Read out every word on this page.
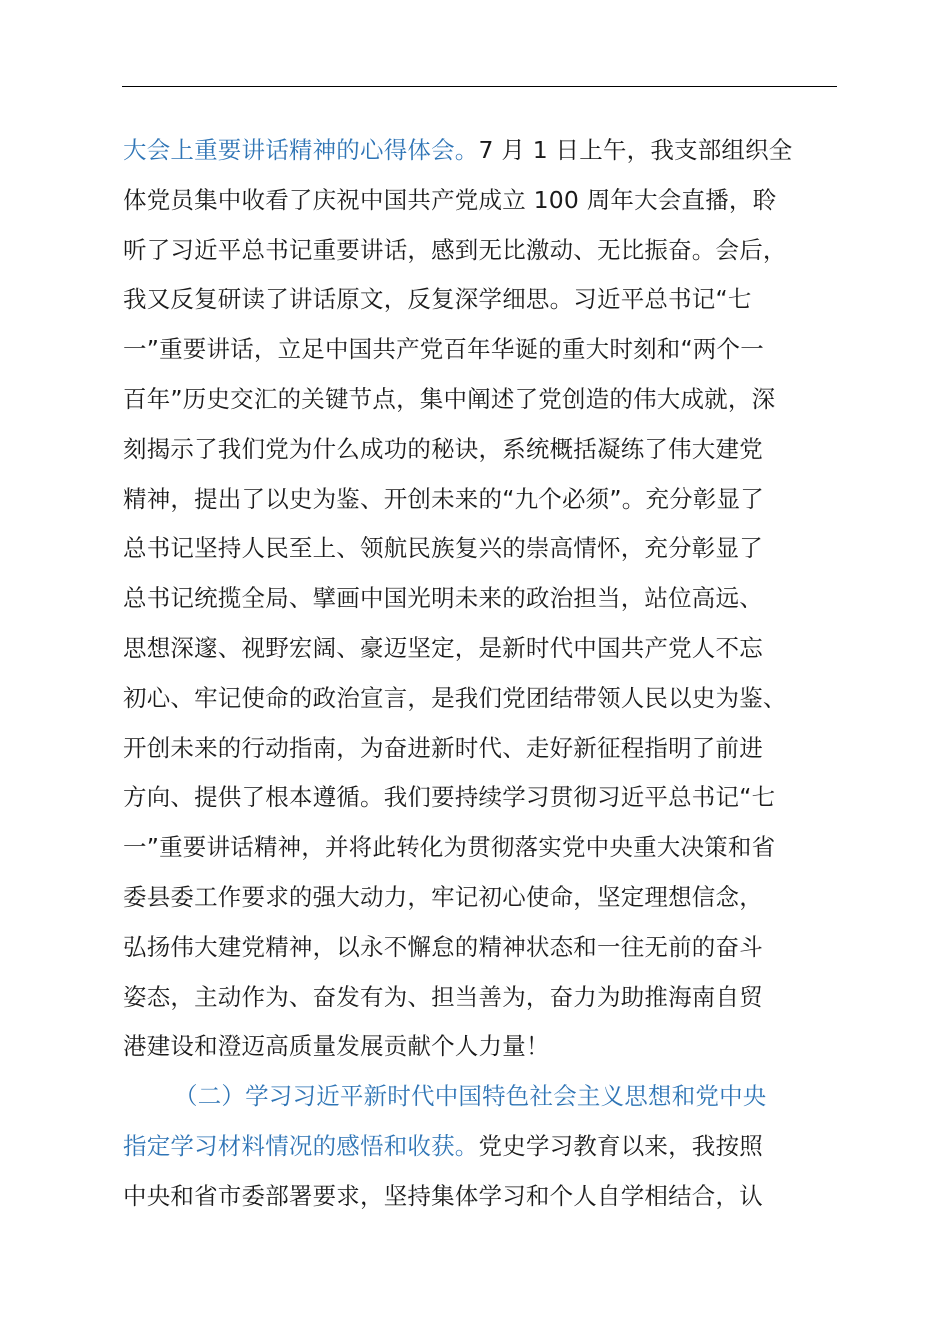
大会上重要讲话精神的心得体会。7 月 1 日上午，我支部组织全
体党员集中收看了庆祝中国共产党成立 100 周年大会直播，聆
听了习近平总书记重要讲话，感到无比激动、无比振奋。会后，
我又反复研读了讲话原文，反复深学细思。习近平总书记“七
一”重要讲话，立足中国共产党百年华诞的重大时刻和“两个一
百年”历史交汇的关键节点，集中阐述了党创造的伟大成就，深
刻揭示了我们党为什么成功的秘诀，系统概括凝练了伟大建党
精神，提出了以史为鉴、开创未来的“九个必须”。充分彰显了
总书记坚持人民至上、领航民族复兴的崇高情怀，充分彰显了
总书记统揽全局、擘画中国光明未来的政治担当，站位高远、
思想深邃、视野宏阔、豪迈坚定，是新时代中国共产党人不忘
初心、牢记使命的政治宣言，是我们党团结带领人民以史为鉴、
开创未来的行动指南，为奋进新时代、走好新征程指明了前进
方向、提供了根本遵循。我们要持续学习贯彻习近平总书记“七
一”重要讲话精神，并将此转化为贯彻落实党中央重大决策和省
委县委工作要求的强大动力，牢记初心使命，坚定理想信念，
弘扬伟大建党精神，以永不懈怠的精神状态和一往无前的奋斗
姿态，主动作为、奋发有为、担当善为，奋力为助推海南自贸
港建设和澄迈高质量发展贡献个人力量！
（二）学习习近平新时代中国特色社会主义思想和党中央
指定学习材料情况的感悟和收获。党史学习教育以来，我按照
中央和省市委部署要求，坚持集体学习和个人自学相结合，认
